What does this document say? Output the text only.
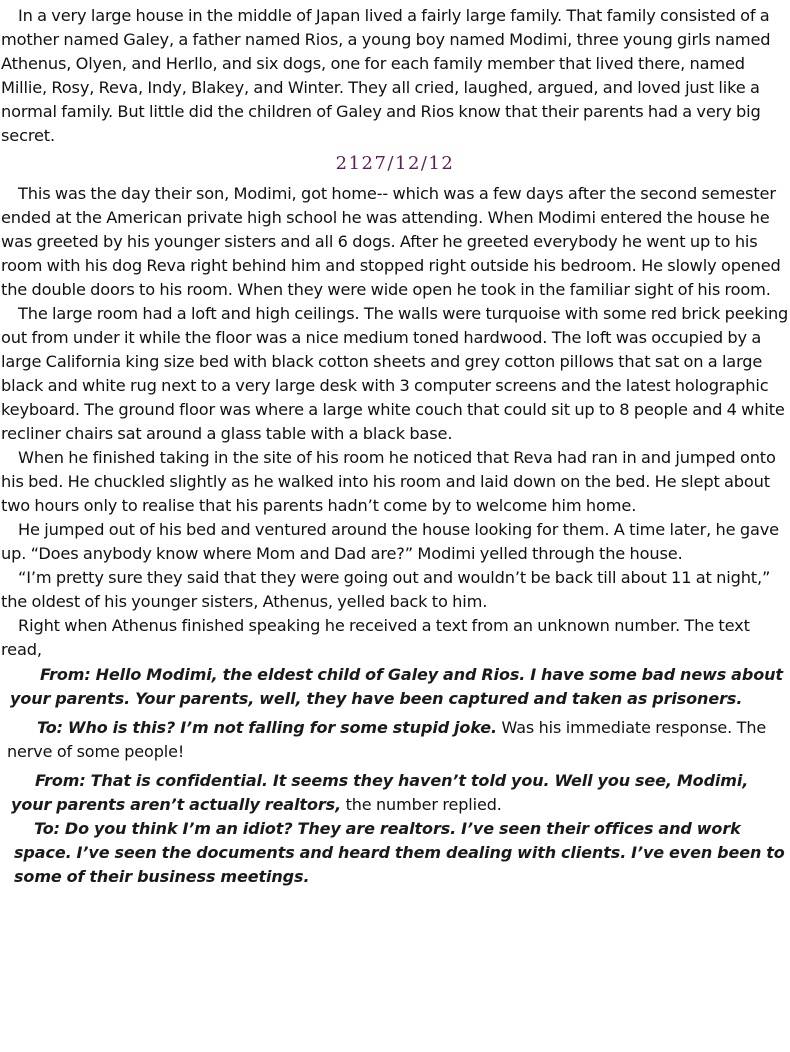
In a very large house in the middle of Japan lived a fairly large family. That family consisted of a mother named Galey, a father named Rios, a young boy named Modimi, three young girls named Athenus, Olyen, and Herllo, and six dogs, one for each family member that lived there, named Millie, Rosy, Reva, Indy, Blakey, and Winter. They all cried, laughed, argued, and loved just like a normal family. But little did the children of Galey and Rios know that their parents had a very big secret.

2127/12/12

This was the day their son, Modimi, got home-- which was a few days after the second semester ended at the American private high school he was attending. When Modimi entered the house he was greeted by his younger sisters and all 6 dogs. After he greeted everybody he went up to his room with his dog Reva right behind him and stopped right outside his bedroom. He slowly opened the double doors to his room. When they were wide open he took in the familiar sight of his room.

The large room had a loft and high ceilings. The walls were turquoise with some red brick peeking out from under it while the floor was a nice medium toned hardwood. The loft was occupied by a large California king size bed with black cotton sheets and grey cotton pillows that sat on a large black and white rug next to a very large desk with 3 computer screens and the latest holographic keyboard. The ground floor was where a large white couch that could sit up to 8 people and 4 white recliner chairs sat around a glass table with a black base.

When he finished taking in the site of his room he noticed that Reva had ran in and jumped onto his bed. He chuckled slightly as he walked into his room and laid down on the bed. He slept about two hours only to realise that his parents hadn’t come by to welcome him home.

He jumped out of his bed and ventured around the house looking for them. A time later, he gave up. “Does anybody know where Mom and Dad are?” Modimi yelled through the house.

“I’m pretty sure they said that they were going out and wouldn’t be back till about 11 at night,” the oldest of his younger sisters, Athenus, yelled back to him.

Right when Athenus finished speaking he received a text from an unknown number. The text read,

From: Hello Modimi, the eldest child of Galey and Rios. I have some bad news about your parents. Your parents, well, they have been captured and taken as prisoners.

To: Who is this? I’m not falling for some stupid joke. Was his immediate response. The nerve of some people!

From: That is confidential. It seems they haven’t told you. Well you see, Modimi, your parents aren’t actually realtors, the number replied.

To: Do you think I’m an idiot? They are realtors. I’ve seen their offices and work space. I’ve seen the documents and heard them dealing with clients. I’ve even been to some of their business meetings.
